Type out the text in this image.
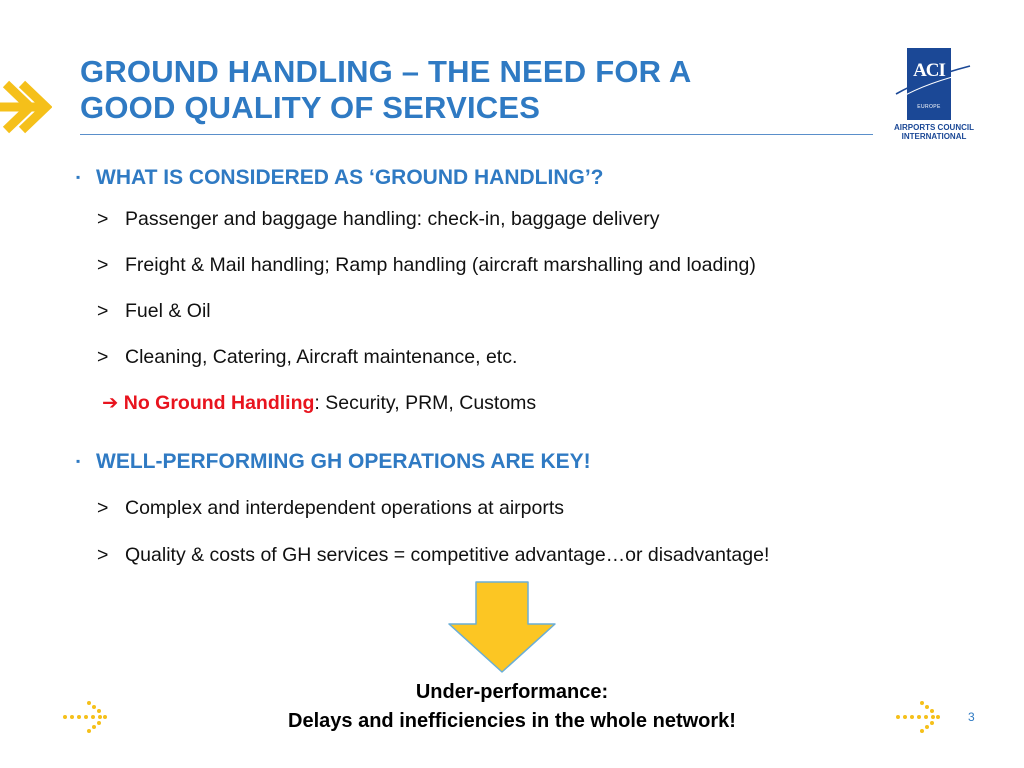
GROUND HANDLING – THE NEED FOR A
GOOD QUALITY OF SERVICES
ACI
EUROPE
AIRPORTS COUNCIL
INTERNATIONAL
▪ WHAT IS CONSIDERED AS ‘GROUND HANDLING’?
> Passenger and baggage handling: check-in, baggage delivery
> Freight & Mail handling; Ramp handling (aircraft marshalling and loading)
> Fuel & Oil
> Cleaning, Catering, Aircraft maintenance, etc.
➔ No Ground Handling: Security, PRM, Customs
▪ WELL-PERFORMING GH OPERATIONS ARE KEY!
> Complex and interdependent operations at airports
> Quality & costs of GH services = competitive advantage…or disadvantage!
Under-performance:
Delays and inefficiencies in the whole network!	3
